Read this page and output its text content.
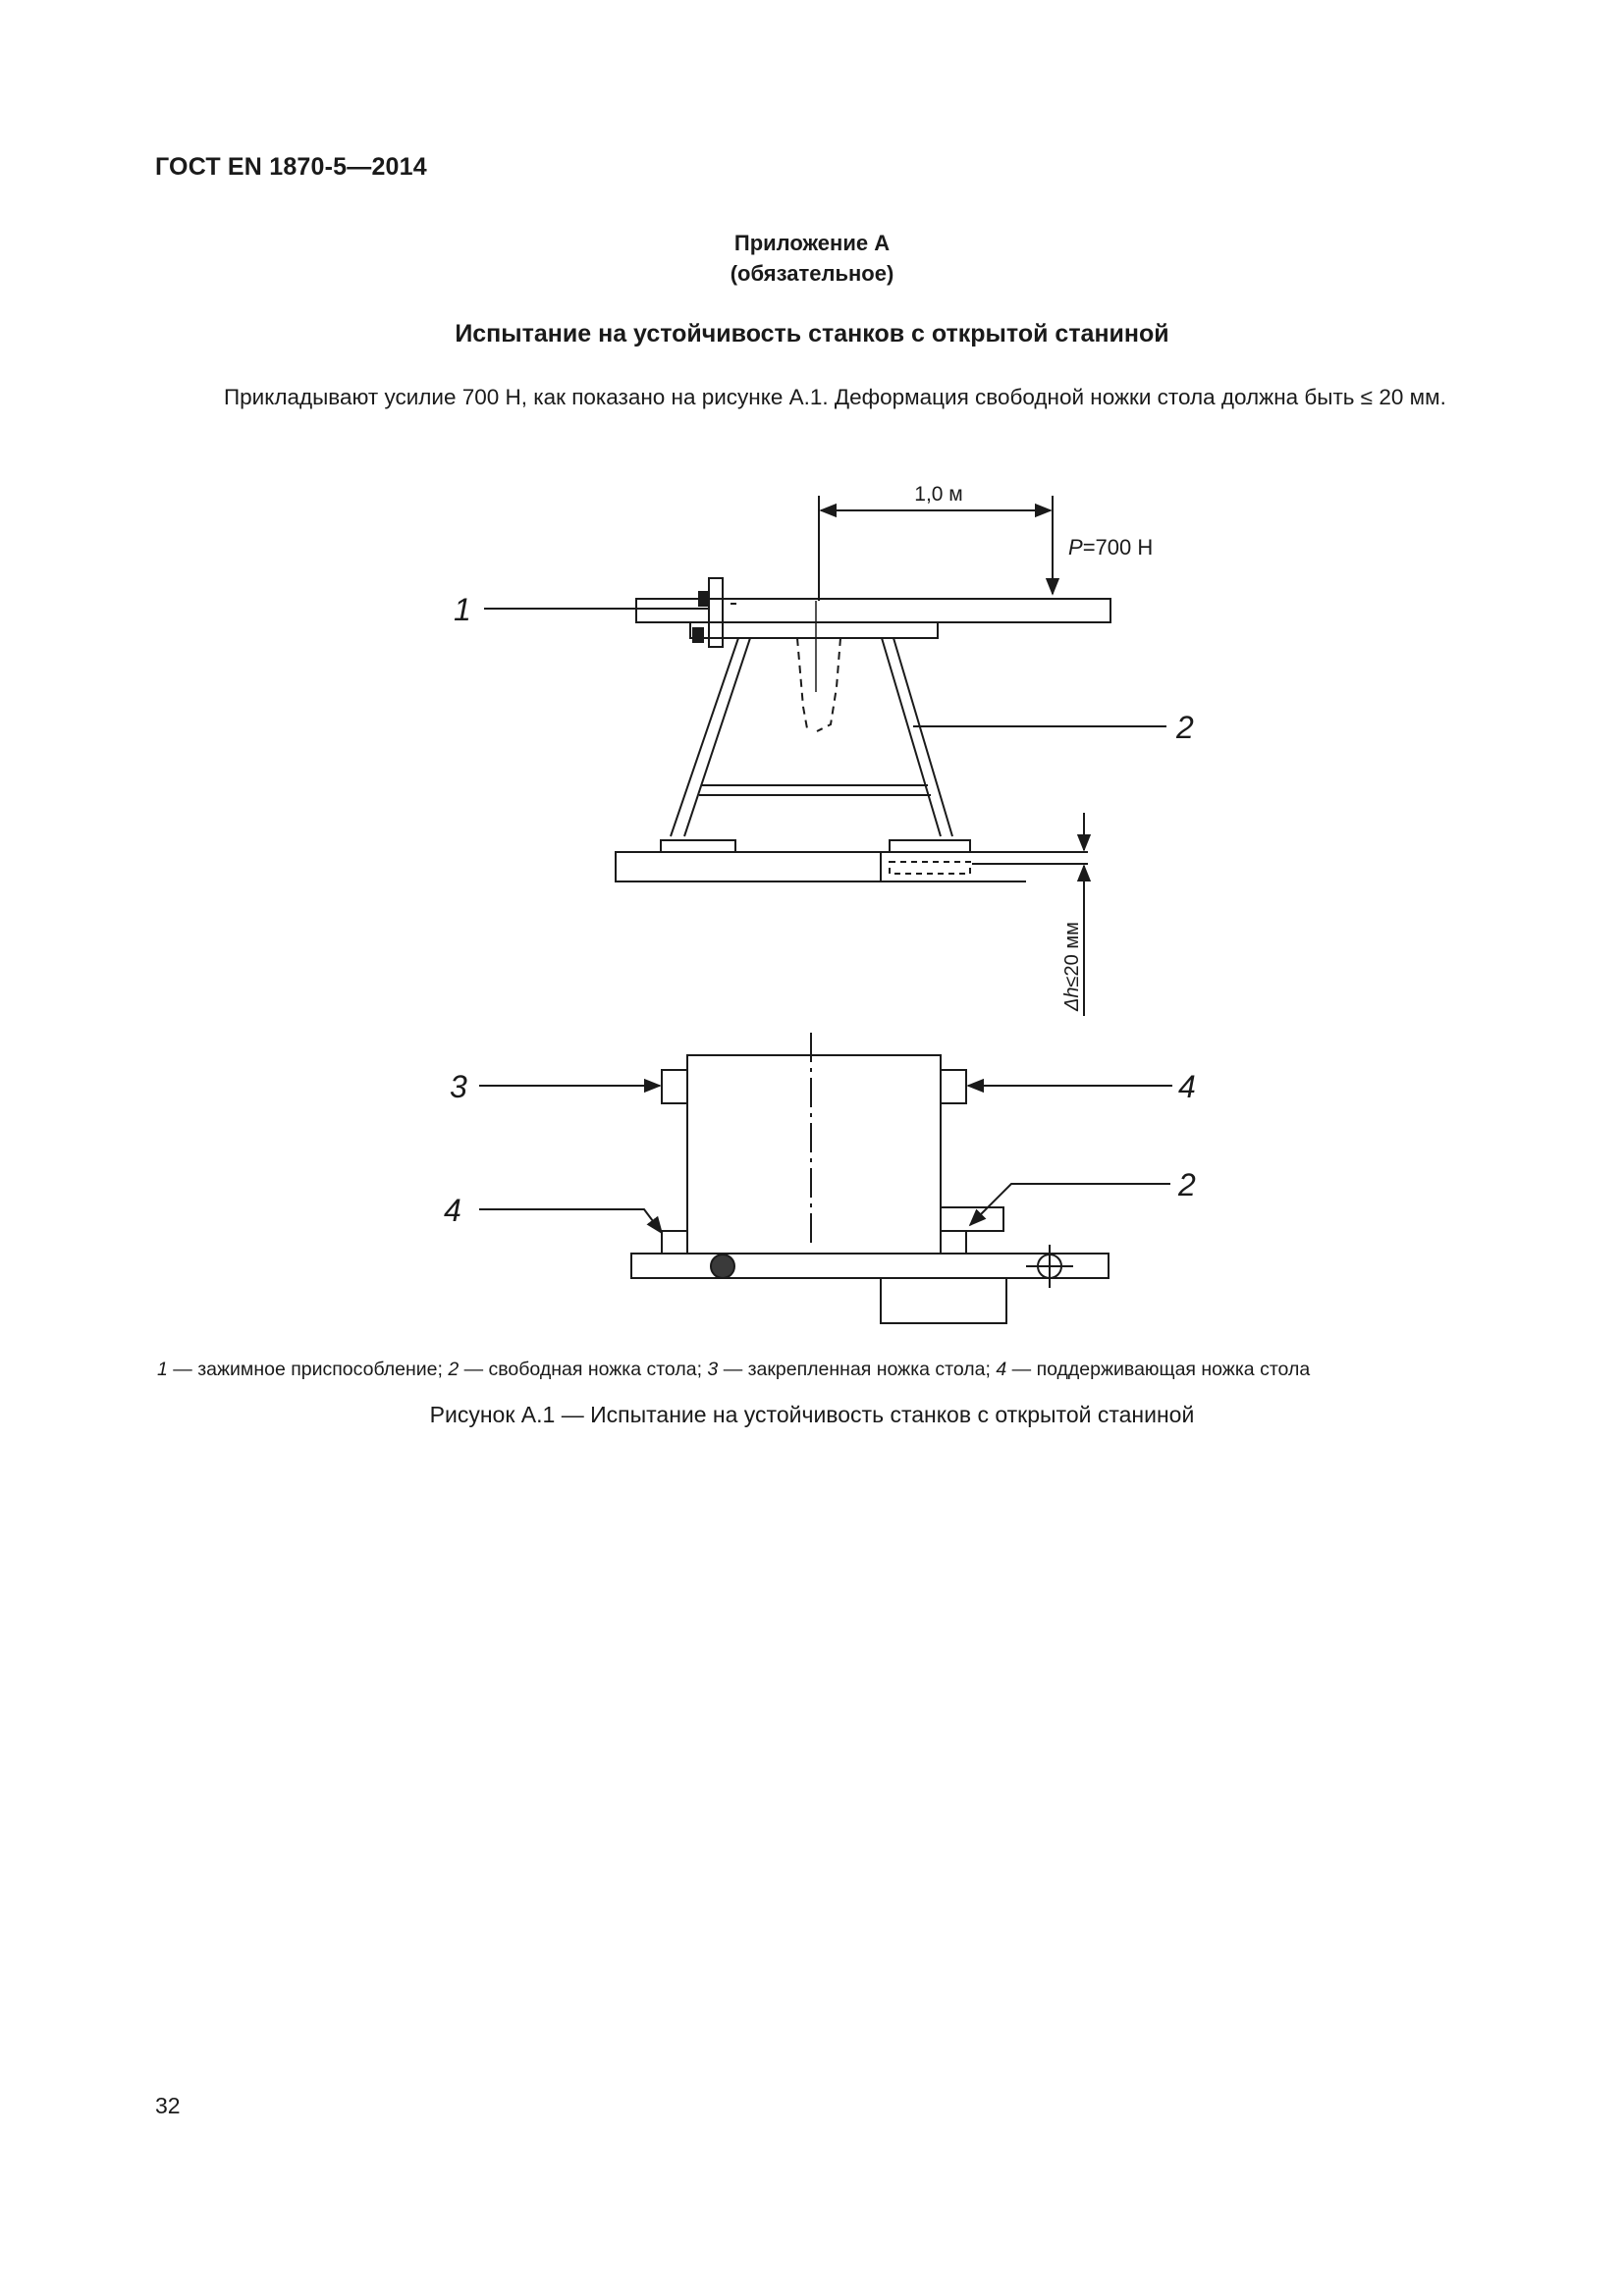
ГОСТ EN 1870-5—2014
Приложение А
(обязательное)
Испытание на устойчивость станков с открытой станиной
Прикладывают усилие 700 Н, как показано на рисунке А.1. Деформация свободной ножки стола должна быть ≤ 20 мм.
1,0 м
P=700 Н
Δh≤20 мм
1
2
3	4
4
2
1 — зажимное приспособление; 2 — свободная ножка стола; 3 — закрепленная ножка стола; 4 — поддерживающая ножка стола
Рисунок А.1 — Испытание на устойчивость станков с открытой станиной
32
